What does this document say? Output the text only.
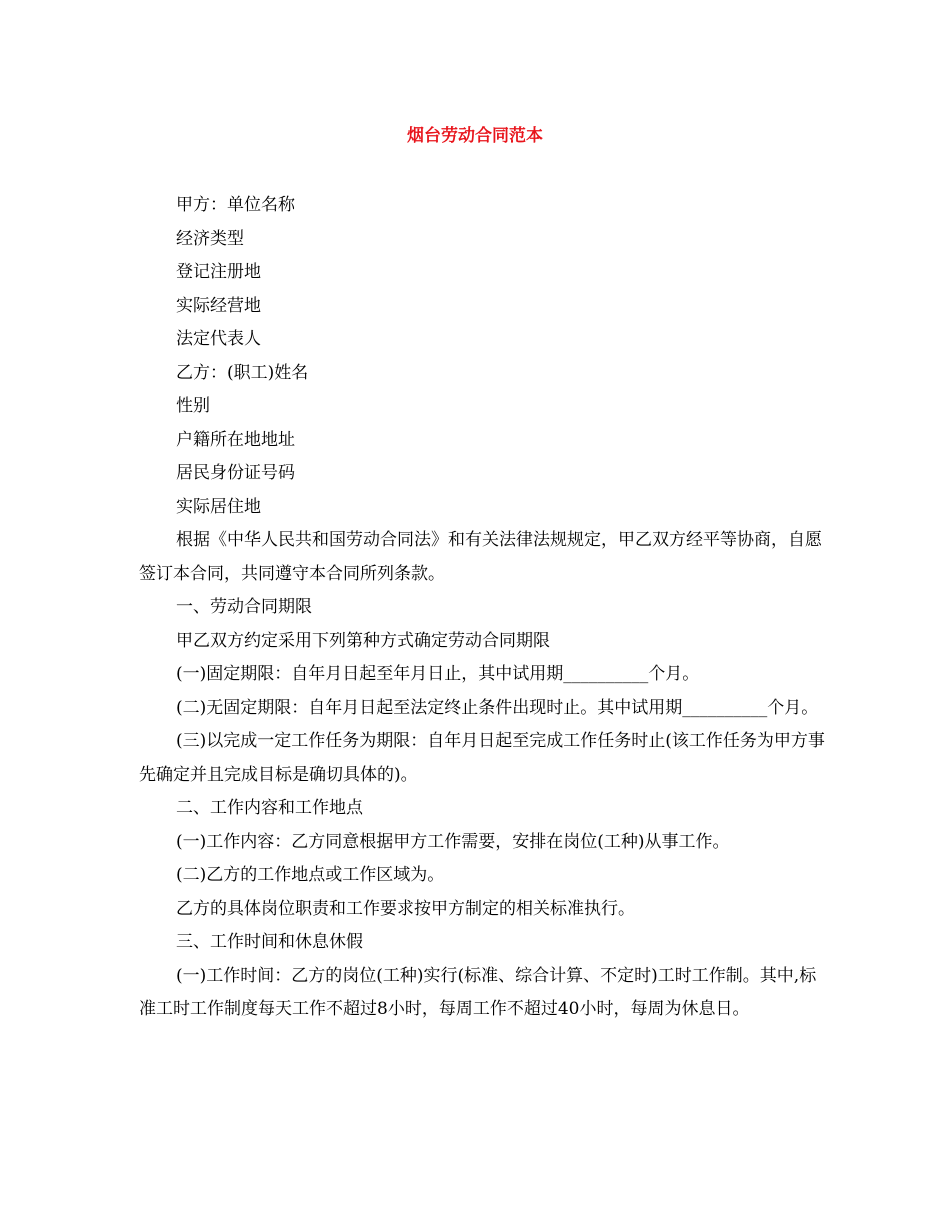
烟台劳动合同范本

甲方：单位名称

经济类型

登记注册地

实际经营地

法定代表人

乙方：(职工)姓名

性别

户籍所在地地址

居民身份证号码

实际居住地

根据《中华人民共和国劳动合同法》和有关法律法规规定，甲乙双方经平等协商，自愿签订本合同，共同遵守本合同所列条款。

一、劳动合同期限

甲乙双方约定采用下列第种方式确定劳动合同期限

(一)固定期限：自年月日起至年月日止，其中试用期__________个月。

(二)无固定期限：自年月日起至法定终止条件出现时止。其中试用期__________个月。

(三)以完成一定工作任务为期限：自年月日起至完成工作任务时止(该工作任务为甲方事先确定并且完成目标是确切具体的)。

二、工作内容和工作地点

(一)工作内容：乙方同意根据甲方工作需要，安排在岗位(工种)从事工作。

(二)乙方的工作地点或工作区域为。

乙方的具体岗位职责和工作要求按甲方制定的相关标准执行。

三、工作时间和休息休假

(一)工作时间：乙方的岗位(工种)实行(标准、综合计算、不定时)工时工作制。其中,标准工时工作制度每天工作不超过8小时，每周工作不超过40小时，每周为休息日。
